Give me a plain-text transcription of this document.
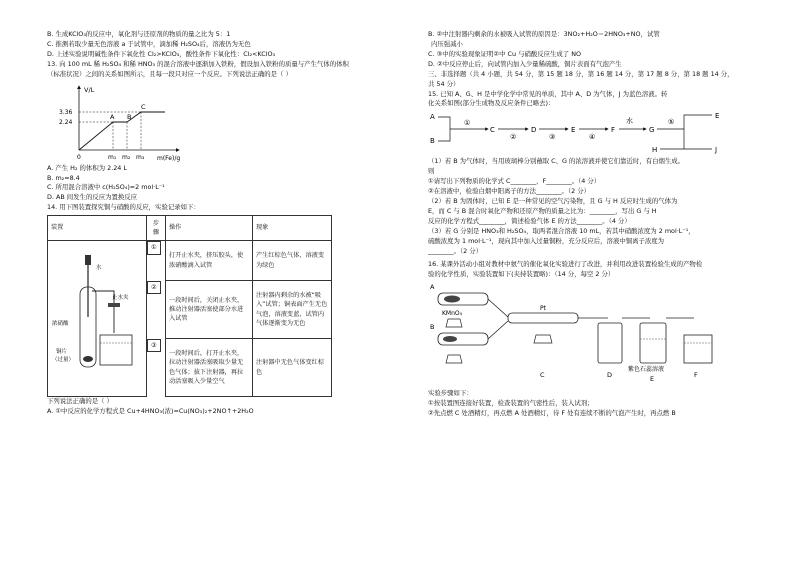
B. 生成KClO₃的反应中，氧化剂与还原剂的物质的量之比为 5：1

C. 推测若取少量无色溶液 a 于试管中，滴加稀 H₂SO₄后，溶液仍为无色

D. 上述实验说明碱性条件下氧化性 Cl₂>KClO₃，酸性条件下氧化性：Cl₂<KClO₃

13. 向 100 mL 稀 H₂SO₄ 和稀 HNO₃ 的混合溶液中逐渐加入铁粉，假设加入铁粉的质量与产生气体的体积

（标准状况）之间的关系如图所示，且每一段只对应一个反应。下列说法正确的是（ ）

V/L
m(Fe)/g
0
3.36
2.24
A B
C
m₁ m₂ m₃

A. 产生 H₂ 的体积为 2.24 L

B. m₂=8.4

C. 所用混合溶液中 c(H₂SO₄)=2 mol·L⁻¹

D. AB 间发生的反应为置换反应

14. 用下图装置探究铜与硝酸的反应，实验记录如下：

装置	步骤	操作	现象

浓硝酸
水
止水夹
铜片
（过量）
	①打开止水夹，挤压胶头，使浓硝酸滴入试管	产生红棕色气体，溶液变为绿色
②一段时间后，关闭止水夹，推动注射器活塞使部分水进入试管	注射器内剩余的水被“吸入”试管；铜表面产生无色气泡，溶液变蓝，试管内气体逐渐变为无色
③一段时间后，打开止水夹，拉动注射器活塞吸取少量无色气体；拔下注射器，再拉动活塞吸入少量空气	注射器中无色气体变红棕色

下列说法正确的是（ ）

A. ①中反应的化学方程式是 Cu+4HNO₃(浓)=Cu(NO₃)₂+2NO↑+2H₂O

B. ②中注射器内剩余的水被吸入试管的原因是：3NO₂+H₂O＝2HNO₃+NO，试管

内压强减小

C. ③中的实验现象证明②中 Cu 与硝酸反应生成了 NO

D. ②中反应停止后，向试管内加入少量稀硫酸，铜片表面有气泡产生

三、非选择题（共 4 小题，共 54 分，第 15 题 18 分，第 16 题 14 分，第 17 题 8 分，第 18 题 14 分，

共 54 分）

15. 已知 A、G、H 是中学化学中常见的单质，其中 A、D 为气体，J 为蓝色溶液。转

化关系如图(部分生成物及反应条件已略去)：

A
B
①
C
②
D
③
E
④
F
水
G
⑤
H
E
J

（1）若 B 为气体时，当用玻璃棒分别蘸取 C、G 的浓溶液并使它们靠近时，有白烟生成。

则

①请写出下列物质的化学式 C________，F________。（4 分）

②在溶液中，检验白烟中阳离子的方法________。（2 分）

（2）若 B 为固体时，已知 E 是一种常见的空气污染物，且 G 与 H 反应时生成的气体为

E，而 C 与 B 混合时氧化产物和还原产物的质量之比为：________，写出 G 与 H

反应的化学方程式________，简述检验气体 E 的方法________。（4 分）

（3）若 G 分别是 HNO₃和 H₂SO₄，取两者混合溶液 10 mL，若其中硝酸浓度为 2 mol·L⁻¹，

硫酸浓度为 1 mol·L⁻¹，现向其中加入过量铜粉，充分反应后，溶液中铜离子浓度为

________。（2 分）

16. 某课外活动小组对教材中氨气的催化氧化实验进行了改进，并利用改进装置检验生成的产物检

验的化学性质，实验装置如下(夹持装置略)：（14 分，每空 2 分）

A
B
KMnO₄
Pt
C	D
紫色石蕊溶液
E	F

实验步骤如下：

①按装置图连接好装置，检查装置的气密性后，装入试剂；

②先点燃 C 处酒精灯，再点燃 A 处酒精灯，待 F 处有连续不断的气泡产生时，再点燃 B
